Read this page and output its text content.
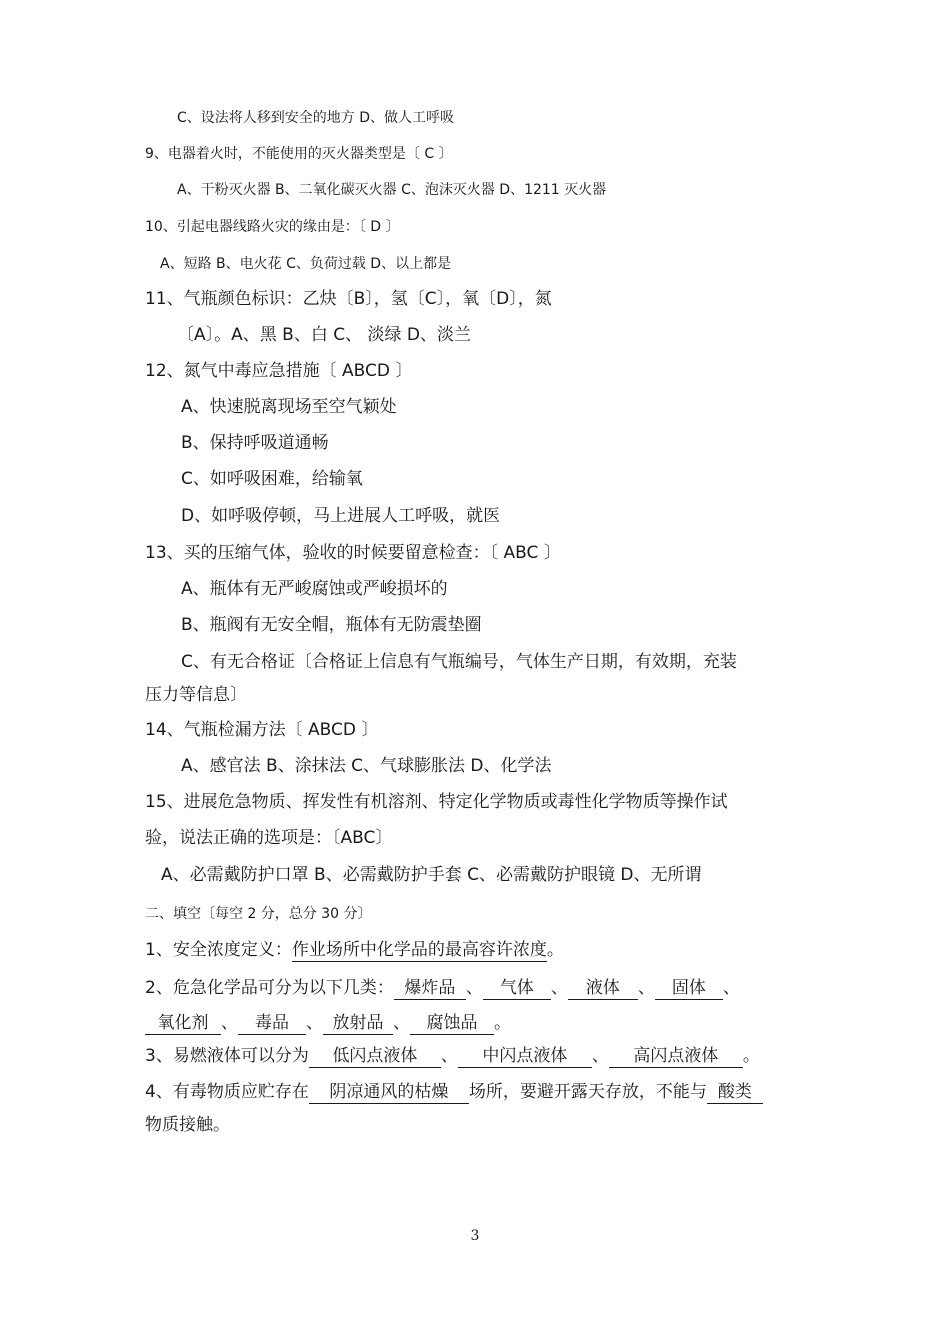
C、设法将人移到安全的地方 D、做人工呼吸
9、电器着火时，不能使用的灭火器类型是〔 C 〕
A、干粉灭火器 B、二氧化碳灭火器 C、泡沫灭火器 D、1211 灭火器
10、引起电器线路火灾的缘由是：〔 D 〕
A、短路 B、电火花 C、负荷过载 D、以上都是
11、气瓶颜色标识：乙炔〔B〕，氢〔C〕，氧〔D〕，氮
〔A〕。A、黑 B、白 C、 淡绿 D、淡兰
12、氮气中毒应急措施〔 ABCD 〕
A、快速脱离现场至空气颖处
B、保持呼吸道通畅
C、如呼吸困难，给输氧
D、如呼吸停顿，马上进展人工呼吸，就医
13、买的压缩气体，验收的时候要留意检查：〔 ABC 〕
A、瓶体有无严峻腐蚀或严峻损坏的
B、瓶阀有无安全帽，瓶体有无防震垫圈
C、有无合格证〔合格证上信息有气瓶编号，气体生产日期，有效期，充装
压力等信息〕
14、气瓶检漏方法〔 ABCD 〕
A、感官法 B、涂抹法 C、气球膨胀法 D、化学法
15、进展危急物质、挥发性有机溶剂、特定化学物质或毒性化学物质等操作试
验，说法正确的选项是：〔ABC〕
A、必需戴防护口罩 B、必需戴防护手套 C、必需戴防护眼镜 D、无所谓
二、填空〔每空 2 分，总分 30 分〕
1、安全浓度定义：作业场所中化学品的最高容许浓度。
2、危急化学品可分为以下几类： 爆炸品 、 气体 、 液体 、 固体 、
氧化剂 、 毒品 、 放射品 、 腐蚀品 。
3、易燃液体可以分为 低闪点液体 、 中闪点液体 、 高闪点液体 。
4、有毒物质应贮存在 阴凉通风的枯燥 场所，要避开露天存放，不能与 酸类
物质接触。
3
